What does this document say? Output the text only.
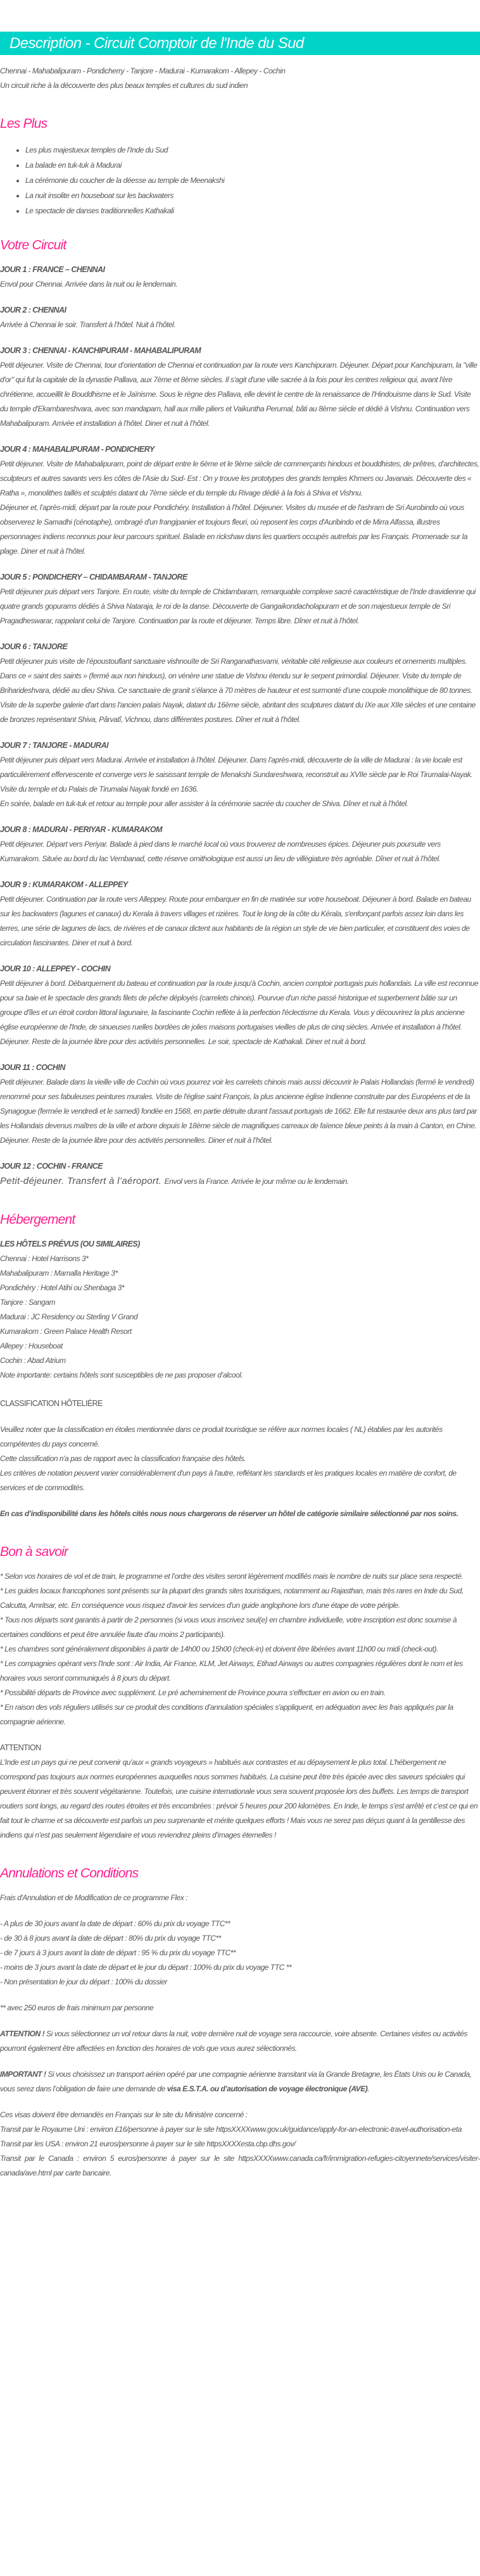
Description - Circuit Comptoir de l'Inde du Sud

Chennai - Mahabalipuram - Pondicherry - Tanjore - Madurai - Kumarakom - Allepey - Cochin

Un circuit riche à la découverte des plus beaux temples et cultures du sud indien

Les Plus
• Les plus majestueux temples de l’Inde du Sud
• La balade en tuk-tuk à Madurai
• La cérémonie du coucher de la déesse au temple de Meenakshi
• La nuit insolite en houseboat sur les backwaters
• Le spectacle de danses traditionnelles Kathakali
Votre Circuit
JOUR 1 : FRANCE – CHENNAI

Envol pour Chennai. Arrivée dans la nuit ou le lendemain.

JOUR 2 : CHENNAI

Arrivée à Chennai le soir. Transfert à l’hôtel. Nuit à l’hôtel.

JOUR 3 : CHENNAI - KANCHIPURAM - MAHABALIPURAM

Petit déjeuner. Visite de Chennai, tour d’orientation de Chennai et continuation par la route vers Kanchipuram. Déjeuner. Départ pour Kanchipuram, la "ville d'or" qui fut la capitale de la dynastie Pallava, aux 7ème et 8ème siècles. Il s'agit d'une ville sacrée à la fois pour les centres religieux qui, avant l'ère chrétienne, accueillit le Bouddhisme et le Jaïnisme. Sous le règne des Pallava, elle devint le centre de la renaissance de l'Hindouisme dans le Sud. Visite du temple d'Ekambareshvara, avec son mandapam, hall aux mille piliers et Vaikuntha Perumal, bâti au 8ème siècle et dédié à Vishnu. Continuation vers Mahabalipuram. Arrivée et installation à l’hôtel. Diner et nuit à l’hôtel.

JOUR 4 : MAHABALIPURAM - PONDICHERY

Petit déjeuner. Visite de Mahabalipuram, point de départ entre le 6ème et le 9ème siècle de commerçants hindous et bouddhistes, de prêtres, d’architectes, sculpteurs et autres savants vers les côtes de l’Asie du Sud- Est : On y trouve les prototypes des grands temples Khmers ou Javanais. Découverte des « Ratha », monolithes taillés et sculptés datant du 7ème siècle et du temple du Rivage dédié à la fois à Shiva et Vishnu.

Déjeuner et, l’après-midi, départ par la route pour Pondichéry. Installation à l’hôtel. Déjeuner. Visites du musée et de l'ashram de Sri Aurobindo où vous observerez le Samadhi (cénotaphe), ombragé d'un frangipanier et toujours fleuri, où reposent les corps d'Auribindo et de Mirra Alfassa, illustres personnages indiens reconnus pour leur parcours spirituel. Balade en rickshaw dans les quartiers occupés autrefois par les Français. Promenade sur la plage. Diner et nuit à l’hôtel.

JOUR 5 : PONDICHERY – CHIDAMBARAM - TANJORE

Petit déjeuner puis départ vers Tanjore. En route, visite du temple de Chidambaram, remarquable complexe sacré caractéristique de l’Inde dravidienne qui quatre grands gopurams dédiés à Shiva Nataraja, le roi de la danse. Découverte de Gangaikondacholapuram et de son majestueux temple de Sri Pragadheswarar, rappelant celui de Tanjore. Continuation par la route et déjeuner. Temps libre. Dîner et nuit à l’hôtel.

JOUR 6 : TANJORE

Petit déjeuner puis visite de l’époustouflant sanctuaire vishnouïte de Sri Ranganathasvami, véritable cité religieuse aux couleurs et ornements multiples. Dans ce « saint des saints » (fermé aux non hindous), on vénère une statue de Vishnu étendu sur le serpent primordial. Déjeuner. Visite du temple de Briharideshvara, dédié au dieu Shiva. Ce sanctuaire de granit s’élance à 70 mètres de hauteur et est surmonté d’une coupole monolithique de 80 tonnes. Visite de la superbe galerie d'art dans l'ancien palais Nayak, datant du 16ème siècle, abritant des sculptures datant du IXe aux XIIe siècles et une centaine de bronzes représentant Shiva, Pârvatî, Vichnou, dans différentes postures. Dîner et nuit à l’hôtel.

JOUR 7 : TANJORE - MADURAI

Petit déjeuner puis départ vers Madurai. Arrivée et installation à l’hôtel. Déjeuner. Dans l’après-midi, découverte de la ville de Madurai : la vie locale est particulièrement effervescente et converge vers le saisissant temple de Menakshi Sundareshwara, reconstruit au XVIIe siècle par le Roi Tirumalai-Nayak. Visite du temple et du Palais de Tirumalai Nayak fondé en 1636.

En soirée, balade en tuk-tuk et retour au temple pour aller assister à la cérémonie sacrée du coucher de Shiva. Dîner et nuit à l’hôtel.

JOUR 8 : MADURAI - PERIYAR - KUMARAKOM

Petit déjeuner. Départ vers Periyar. Balade à pied dans le marché local où vous trouverez de nombreuses épices. Déjeuner puis poursuite vers Kumarakom. Située au bord du lac Vembanad, cette réserve ornithologique est aussi un lieu de villégiature très agréable. Dîner et nuit à l’hôtel.

JOUR 9 : KUMARAKOM - ALLEPPEY

Petit déjeuner. Continuation par la route vers Alleppey. Route pour embarquer en fin de matinée sur votre houseboat. Déjeuner à bord. Balade en bateau sur les backwaters (lagunes et canaux) du Kerala à travers villages et rizières. Tout le long de la côte du Kérala, s'enfonçant parfois assez loin dans les terres, une série de lagunes de lacs, de rivières et de canaux dictent aux habitants de la région un style de vie bien particulier, et constituent des voies de circulation fascinantes. Diner et nuit à bord.

JOUR 10 : ALLEPPEY - COCHIN

Petit déjeuner à bord. Débarquement du bateau et continuation par la route jusqu'à Cochin, ancien comptoir portugais puis hollandais. La ville est reconnue pour sa baie et le spectacle des grands filets de pêche déployés (carrelets chinois). Pourvue d'un riche passé historique et superbement bâtie sur un groupe d'îles et un étroit cordon littoral lagunaire, la fascinante Cochin reflète à la perfection l'éclectisme du Kerala. Vous y découvrirez la plus ancienne église européenne de l'Inde, de sinueuses ruelles bordées de jolies maisons portugaises vieilles de plus de cinq siècles. Arrivée et installation à l’hôtel. Déjeuner. Reste de la journée libre pour des activités personnelles. Le soir, spectacle de Kathakali. Diner et nuit à bord.

JOUR 11 : COCHIN

Petit déjeuner. Balade dans la vieille ville de Cochin où vous pourrez voir les carrelets chinois mais aussi découvrir le Palais Hollandais (fermé le vendredi) renommé pour ses fabuleuses peintures murales. Visite de l'église saint François, la plus ancienne église Indienne construite par des Européens et de la Synagogue (fermée le vendredi et le samedi) fondée en 1568, en partie détruite durant l'assaut portugais de 1662. Elle fut restaurée deux ans plus tard par les Hollandais devenus maîtres de la ville et arbore depuis le 18ème siècle de magnifiques carreaux de faïence bleue peints à la main à Canton, en Chine. Déjeuner. Reste de la journée libre pour des activités personnelles. Diner et nuit à l’hôtel.

JOUR 12 : COCHIN - FRANCE

Petit-déjeuner. Transfert à l’aéroport. Envol vers la France. Arrivée le jour même ou le lendemain.

Hébergement
LES HÔTELS PRÉVUS (OU SIMILAIRES)

Chennai : Hotel Harrisons 3*

Mahabalipuram : Mamalla Heritage 3*

Pondichéry : Hotel Atihi ou Shenbaga 3*

Tanjore : Sangam

Madurai : JC Residency ou Sterling V Grand

Kumarakom : Green Palace Health Resort

Allepey : Houseboat

Cochin : Abad Atrium

Note importante: certains hôtels sont susceptibles de ne pas proposer d’alcool.

CLASSIFICATION HÔTELIÈRE

Veuillez noter que la classification en étoiles mentionnée dans ce produit touristique se réfère aux normes locales ( NL) établies par les autorités compétentes du pays concerné.

Cette classification n'a pas de rapport avec la classification française des hôtels.

Les critères de notation peuvent varier considérablement d'un pays à l'autre, reflétant les standards et les pratiques locales en matière de confort, de services et de commodités.

En cas d’indisponibilité dans les hôtels cités nous nous chargerons de réserver un hôtel de catégorie similaire sélectionné par nos soins.

Bon à savoir

* Selon vos horaires de vol et de train, le programme et l’ordre des visites seront légèrement modifiés mais le nombre de nuits sur place sera respecté.

* Les guides locaux francophones sont présents sur la plupart des grands sites touristiques, notamment au Rajasthan, mais très rares en Inde du Sud, Calcutta, Amritsar, etc. En conséquence vous risquez d'avoir les services d'un guide anglophone lors d'une étape de votre périple.

* Tous nos départs sont garantis à partir de 2 personnes (si vous vous inscrivez seul(e) en chambre individuelle, votre inscription est donc soumise à certaines conditions et peut être annulée faute d'au moins 2 participants).

* Les chambres sont généralement disponibles à partir de 14h00 ou 15h00 (check-in) et doivent être libérées avant 11h00 ou midi (check-out).

* Les compagnies opérant vers l'Inde sont : Air India, Air France, KLM, Jet Airways, Etihad Airways ou autres compagnies régulières dont le nom et les horaires vous seront communiqués à 8 jours du départ.

* Possibilité départs de Province avec supplément. Le pré acheminement de Province pourra s'effectuer en avion ou en train.

* En raison des vols réguliers utilisés sur ce produit des conditions d’annulation spéciales s'appliquent, en adéquation avec les frais appliqués par la compagnie aérienne.

ATTENTION

L’Inde est un pays qui ne peut convenir qu’aux « grands voyageurs » habitués aux contrastes et au dépaysement le plus total. L’hébergement ne correspond pas toujours aux normes européennes auxquelles nous sommes habitués. La cuisine peut être très épicée avec des saveurs spéciales qui peuvent étonner et très souvent végétarienne. Toutefois, une cuisine internationale vous sera souvent proposée lors des buffets. Les temps de transport routiers sont longs, au regard des routes étroites et très encombrées : prévoir 5 heures pour 200 kilomètres. En Inde, le temps s’est arrêté et c’est ce qui en fait tout le charme et sa découverte est parfois un peu surprenante et mérite quelques efforts ! Mais vous ne serez pas déçus quant à la gentillesse des indiens qui n’est pas seulement légendaire et vous reviendrez pleins d’images éternelles !

Annulations et Conditions

Frais d'Annulation et de Modification de ce programme Flex :

- A plus de 30 jours avant la date de départ : 60% du prix du voyage TTC**

- de 30 à 8 jours avant la date de départ : 80% du prix du voyage TTC**

- de 7 jours à 3 jours avant la date de départ : 95 % du prix du voyage TTC**

- moins de 3 jours avant la date de départ et le jour du départ : 100% du prix du voyage TTC **

- Non présentation le jour du départ : 100% du dossier

** avec 250 euros de frais minimum par personne

ATTENTION ! Si vous sélectionnez un vol retour dans la nuit, votre dernière nuit de voyage sera raccourcie, voire absente. Certaines visites ou activités pourront également être affectées en fonction des horaires de vols que vous aurez sélectionnés.

IMPORTANT ! Si vous choisissez un transport aérien opéré par une compagnie aérienne transitant via la Grande Bretagne, les États Unis ou le Canada, vous serez dans l’obligation de faire une demande de visa E.S.T.A. ou d’autorisation de voyage électronique (AVE).

Ces visas doivent être demandés en Français sur le site du Ministère concerné :

Transit par le Royaume Uni : environ £16/personne à payer sur le site httpsXXXXwww.gov.uk/guidance/apply-for-an-electronic-travel-authorisation-eta

Transit par les USA : environ 21 euros/personne à payer sur le site httpsXXXXesta.cbp.dhs.gov/

Transit par le Canada : environ 5 euros/personne à payer sur le site httpsXXXXwww.canada.ca/fr/immigration-refugies-citoyennete/services/visiter-canada/ave.html par carte bancaire.
